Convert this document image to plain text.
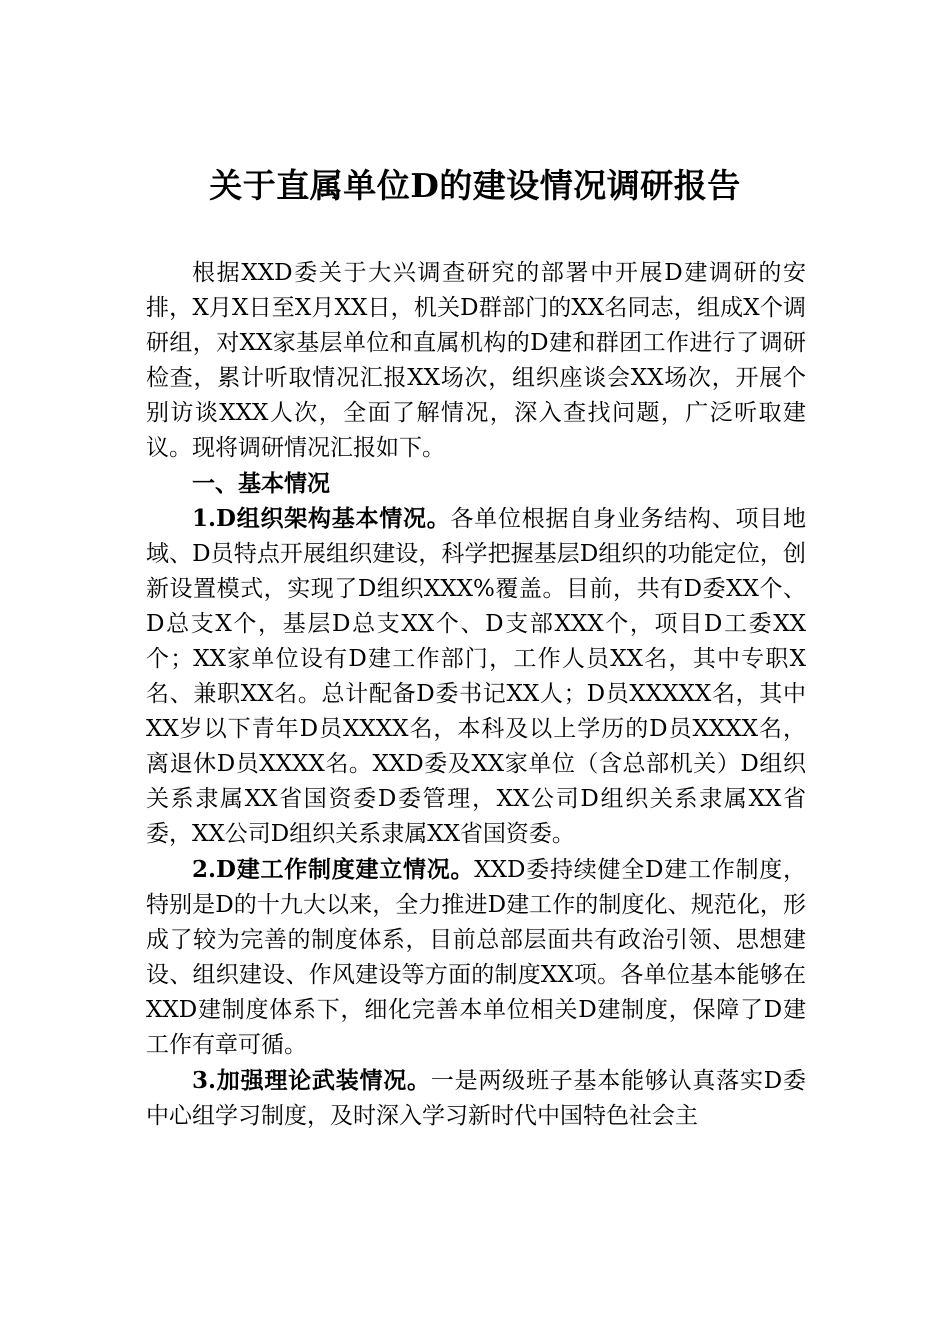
关于直属单位D的建设情况调研报告

根据XXD委关于大兴调查研究的部署中开展D建调研的安排，X月X日至X月XX日，机关D群部门的XX名同志，组成X个调研组，对XX家基层单位和直属机构的D建和群团工作进行了调研检查，累计听取情况汇报XX场次，组织座谈会XX场次，开展个别访谈XXX人次，全面了解情况，深入查找问题，广泛听取建议。现将调研情况汇报如下。

一、基本情况

1.D组织架构基本情况。各单位根据自身业务结构、项目地域、D员特点开展组织建设，科学把握基层D组织的功能定位，创新设置模式，实现了D组织XXX%覆盖。目前，共有D委XX个、D总支X个，基层D总支XX个、D支部XXX个，项目D工委XX个；XX家单位设有D建工作部门，工作人员XX名，其中专职X名、兼职XX名。总计配备D委书记XX人；D员XXXXX名，其中XX岁以下青年D员XXXX名，本科及以上学历的D员XXXX名，离退休D员XXXX名。XXD委及XX家单位（含总部机关）D组织关系隶属XX省国资委D委管理，XX公司D组织关系隶属XX省委，XX公司D组织关系隶属XX省国资委。

2.D建工作制度建立情况。XXD委持续健全D建工作制度，特别是D的十九大以来，全力推进D建工作的制度化、规范化，形成了较为完善的制度体系，目前总部层面共有政治引领、思想建设、组织建设、作风建设等方面的制度XX项。各单位基本能够在XXD建制度体系下，细化完善本单位相关D建制度，保障了D建工作有章可循。

3.加强理论武装情况。一是两级班子基本能够认真落实D委中心组学习制度，及时深入学习新时代中国特色社会主
